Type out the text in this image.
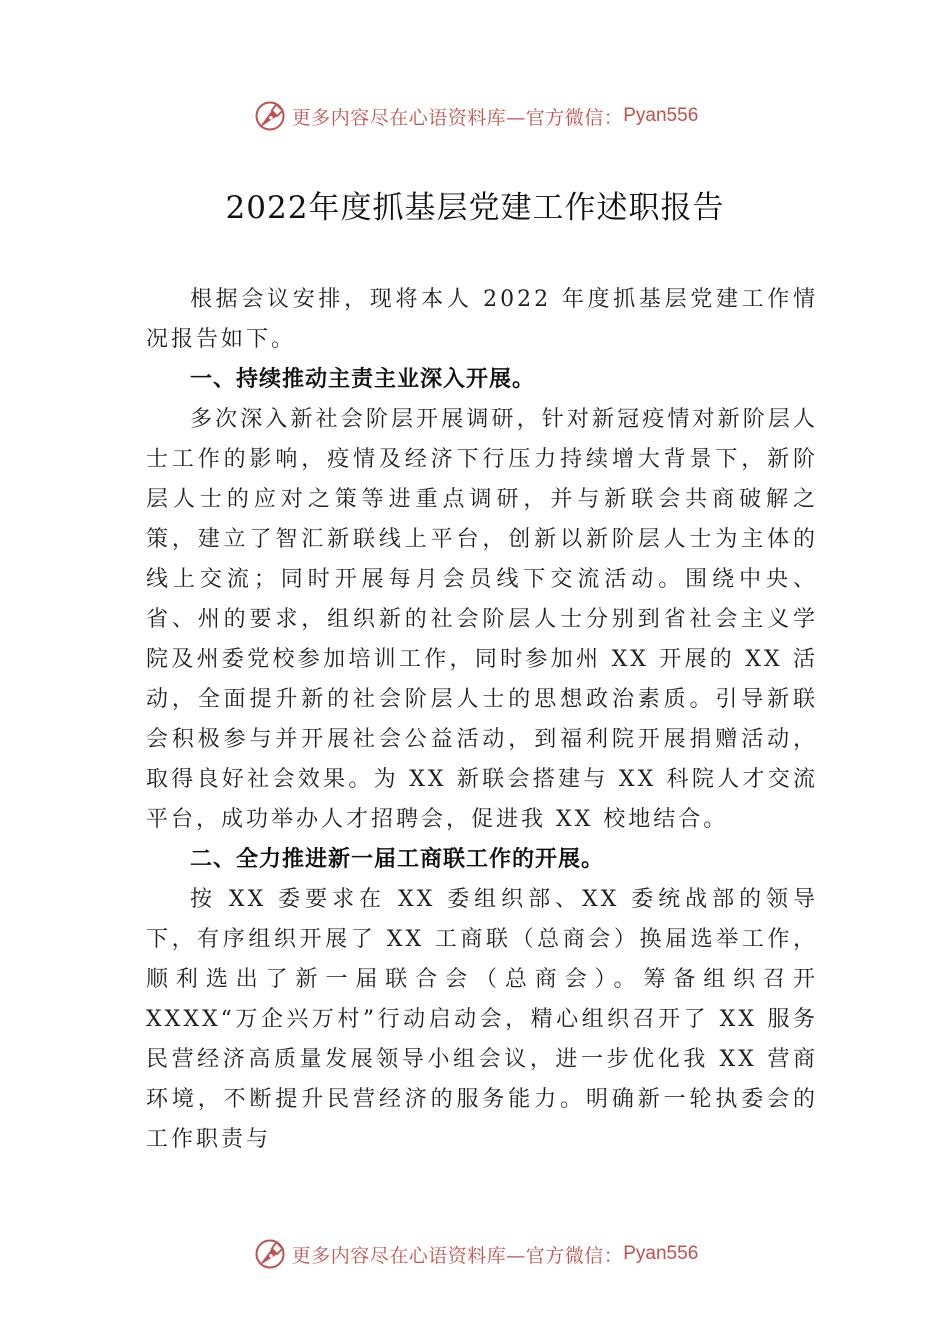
更多内容尽在心语资料库—官方微信： Pyan556
2022年度抓基层党建工作述职报告

根据会议安排，现将本人 2022 年度抓基层党建工作情况报告如下。

一、持续推动主责主业深入开展。

多次深入新社会阶层开展调研，针对新冠疫情对新阶层人士工作的影响，疫情及经济下行压力持续增大背景下，新阶层人士的应对之策等进重点调研，并与新联会共商破解之策，建立了智汇新联线上平台，创新以新阶层人士为主体的线上交流；同时开展每月会员线下交流活动。围绕中央、省、州的要求，组织新的社会阶层人士分别到省社会主义学院及州委党校参加培训工作，同时参加州 XX 开展的 XX 活动，全面提升新的社会阶层人士的思想政治素质。引导新联会积极参与并开展社会公益活动，到福利院开展捐赠活动，取得良好社会效果。为 XX 新联会搭建与 XX 科院人才交流平台，成功举办人才招聘会，促进我 XX 校地结合。

二、全力推进新一届工商联工作的开展。

按 XX 委要求在 XX 委组织部、XX 委统战部的领导下，有序组织开展了 XX 工商联（总商会）换届选举工作，顺利选出了新一届联合会（总商会）。筹备组织召开 XXXX“万企兴万村”行动启动会，精心组织召开了 XX 服务民营经济高质量发展领导小组会议，进一步优化我 XX 营商环境，不断提升民营经济的服务能力。明确新一轮执委会的工作职责与

更多内容尽在心语资料库—官方微信： Pyan556
